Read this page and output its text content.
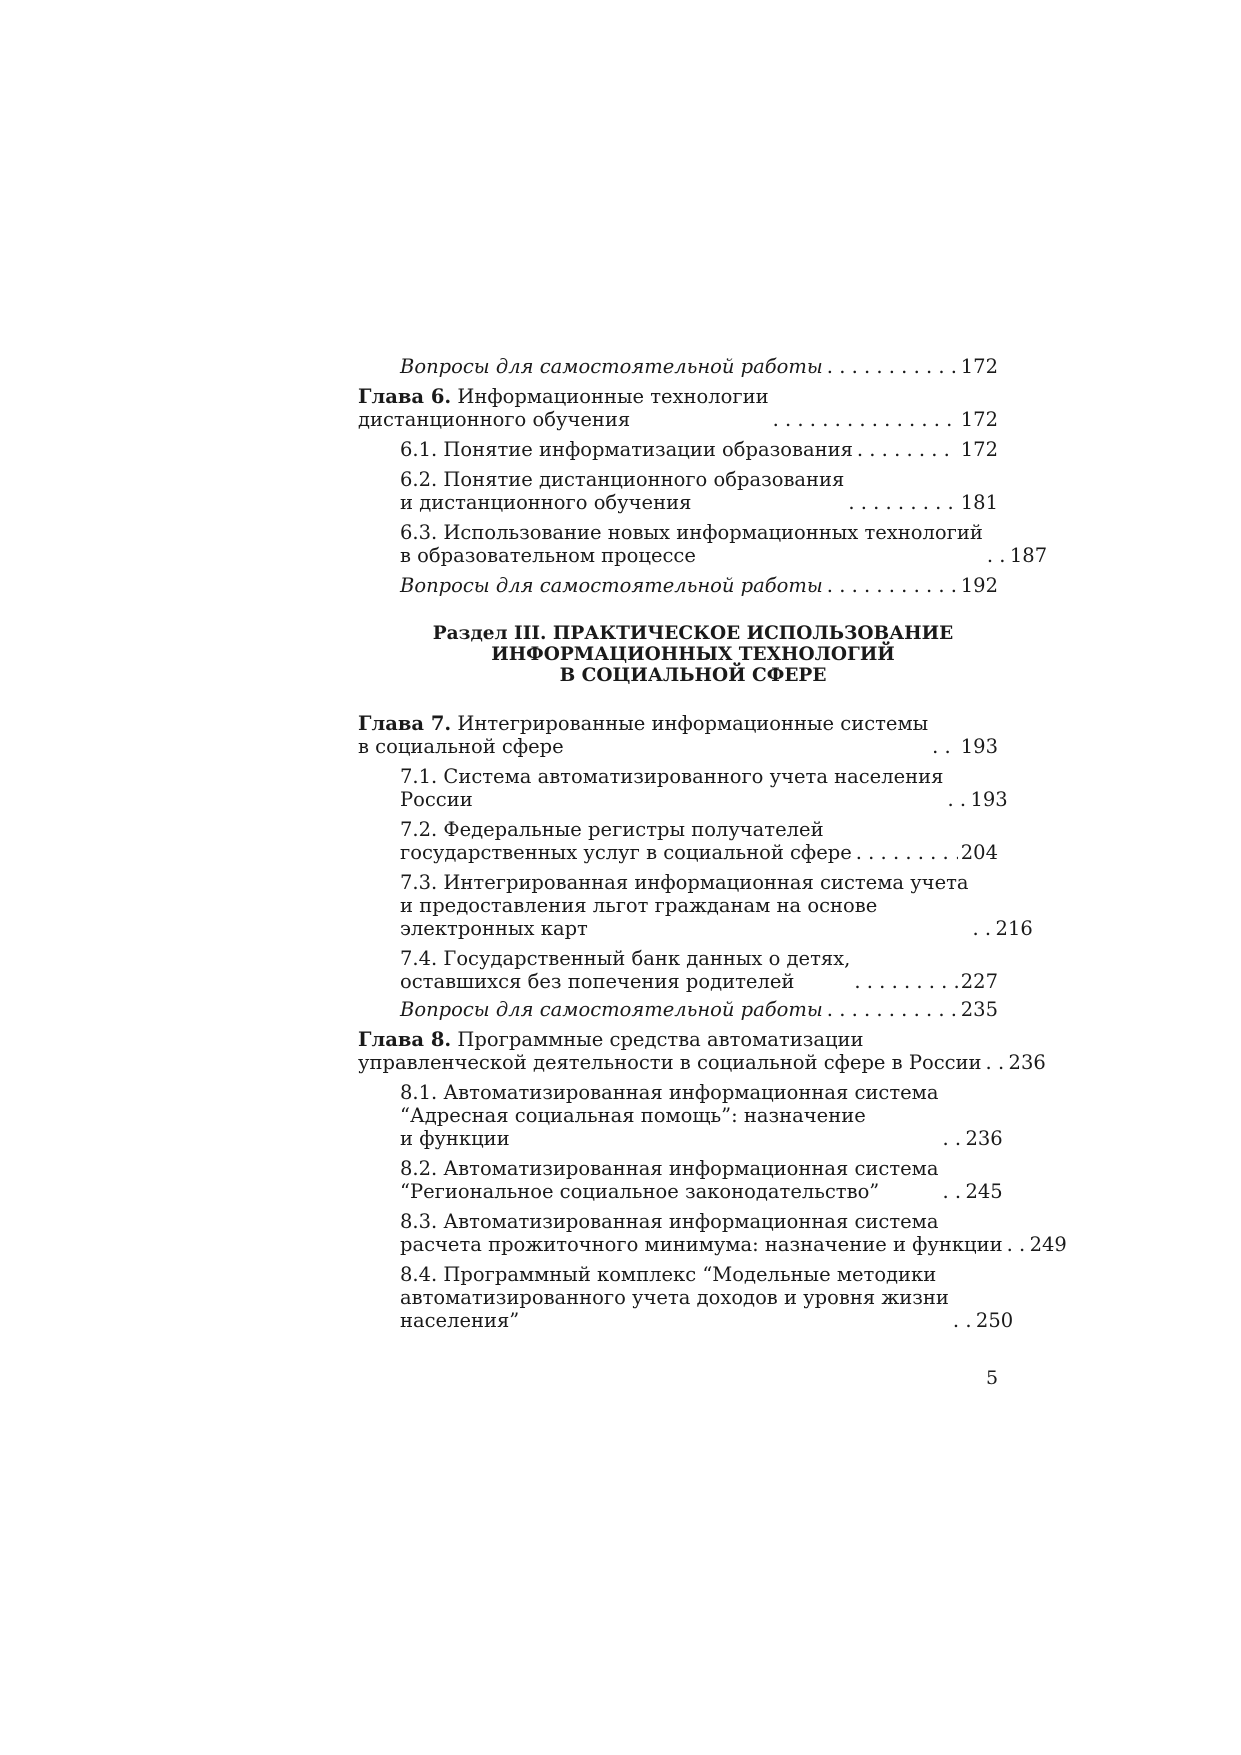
Вопросы для самостоятельной работы . . .	172
Глава 6. Информационные технологии
дистанционного обучения . . .	172
6.1. Понятие информатизации образования . . .	172
6.2. Понятие дистанционного образования
и дистанционного обучения . . .	181
6.3. Использование новых информационных технологий
в образовательном процессе . . .	187
Вопросы для самостоятельной работы . . .	192
Раздел III. ПРАКТИЧЕСКОЕ ИСПОЛЬЗОВАНИЕ
ИНФОРМАЦИОННЫХ ТЕХНОЛОГИЙ
В СОЦИАЛЬНОЙ СФЕРЕ
Глава 7. Интегрированные информационные системы
в социальной сфере . . .	193
7.1. Система автоматизированного учета населения
России . . .	193
7.2. Федеральные регистры получателей
государственных услуг в социальной сфере . . .	204
7.3. Интегрированная информационная система учета
и предоставления льгот гражданам на основе
электронных карт . . .	216
7.4. Государственный банк данных о детях,
оставшихся без попечения родителей . . .	227
Вопросы для самостоятельной работы . . .	235
Глава 8. Программные средства автоматизации
управленческой деятельности в социальной сфере в России . . . 236
8.1. Автоматизированная информационная система
“Адресная социальная помощь”: назначение
и функции . . .	236
8.2. Автоматизированная информационная система
“Региональное социальное законодательство” . . .	245
8.3. Автоматизированная информационная система
расчета прожиточного минимума: назначение и функции . . . 249
8.4. Программный комплекс “Модельные методики
автоматизированного учета доходов и уровня жизни
населения” . . .	250
5
